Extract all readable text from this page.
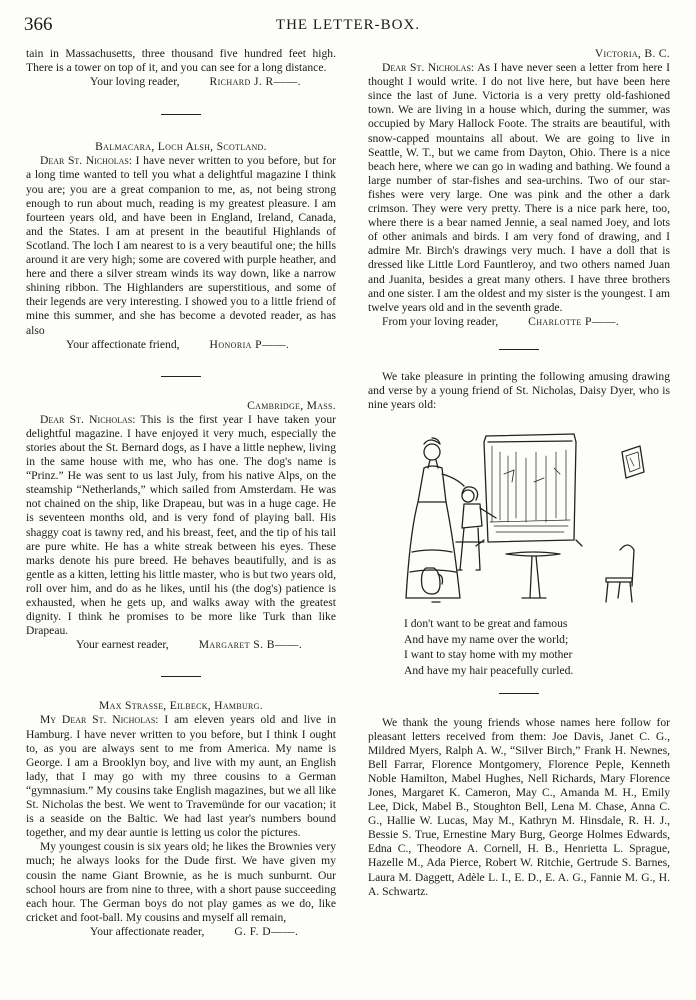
366	THE LETTER-BOX.

tain in Massachusetts, three thousand five hundred feet high. There is a tower on top of it, and you can see for a long distance.

Your loving reader,	Richard J. R——.

Balmacara, Loch Alsh, Scotland.

Dear St. Nicholas: I have never written to you before, but for a long time wanted to tell you what a delightful magazine I think you are; you are a great companion to me, as, not being strong enough to run about much, reading is my greatest pleasure. I am fourteen years old, and have been in England, Ireland, Canada, and the States. I am at present in the beautiful Highlands of Scotland. The loch I am nearest to is a very beautiful one; the hills around it are very high; some are covered with purple heather, and here and there a silver stream winds its way down, like a narrow shining ribbon. The Highlanders are superstitious, and some of their legends are very interesting. I showed you to a little friend of mine this summer, and she has become a devoted reader, as has also

Your affectionate friend,	Honoria P——.

Cambridge, Mass.

Dear St. Nicholas: This is the first year I have taken your delightful magazine. I have enjoyed it very much, especially the stories about the St. Bernard dogs, as I have a little nephew, living in the same house with me, who has one. The dog's name is “Prinz.” He was sent to us last July, from his native Alps, on the steamship “Netherlands,” which sailed from Amsterdam. He was not chained on the ship, like Drapeau, but was in a huge cage. He is seventeen months old, and is very fond of playing ball. His shaggy coat is tawny red, and his breast, feet, and the tip of his tail are pure white. He has a white streak between his eyes. These marks denote his pure breed. He behaves beautifully, and is as gentle as a kitten, letting his little master, who is but two years old, roll over him, and do as he likes, until his (the dog's) patience is exhausted, when he gets up, and walks away with the greatest dignity. I think he promises to be more like Turk than like Drapeau.

Your earnest reader,	Margaret S. B——.

Max Strasse, Eilbeck, Hamburg.

My Dear St. Nicholas: I am eleven years old and live in Hamburg. I have never written to you before, but I think I ought to, as you are always sent to me from America. My name is George. I am a Brooklyn boy, and live with my aunt, an English lady, that I may go with my three cousins to a German “gymnasium.” My cousins take English magazines, but we all like St. Nicholas the best. We went to Travemünde for our vacation; it is a seaside on the Baltic. We had last year's numbers bound together, and my dear auntie is letting us color the pictures.

My youngest cousin is six years old; he likes the Brownies very much; he always looks for the Dude first. We have given my cousin the name Giant Brownie, as he is much sunburnt. Our school hours are from nine to three, with a short pause succeeding each hour. The German boys do not play games as we do, like cricket and foot-ball. My cousins and myself all remain,

Your affectionate reader,	G. F. D——.

Victoria, B. C.

Dear St. Nicholas: As I have never seen a letter from here I thought I would write. I do not live here, but have been here since the last of June. Victoria is a very pretty old-fashioned town. We are living in a house which, during the summer, was occupied by Mary Hallock Foote. The straits are beautiful, with snow-capped mountains all about. We are going to live in Seattle, W. T., but we came from Dayton, Ohio. There is a nice beach here, where we can go in wading and bathing. We found a large number of star-fishes and sea-urchins. Two of our star-fishes were very large. One was pink and the other a dark crimson. They were very pretty. There is a nice park here, too, where there is a bear named Jennie, a seal named Joey, and lots of other animals and birds. I am very fond of drawing, and I admire Mr. Birch's drawings very much. I have a doll that is dressed like Little Lord Fauntleroy, and two others named Juan and Juanita, besides a great many others. I have three brothers and one sister. I am the oldest and my sister is the youngest. I am twelve years old and in the seventh grade.

From your loving reader,	Charlotte P——.

We take pleasure in printing the following amusing drawing and verse by a young friend of St. Nicholas, Daisy Dyer, who is nine years old:

I don't want to be great and famous

And have my name over the world;

I want to stay home with my mother

And have my hair peacefully curled.

We thank the young friends whose names here follow for pleasant letters received from them: Joe Davis, Janet C. G., Mildred Myers, Ralph A. W., “Silver Birch,” Frank H. Newnes, Bell Farrar, Florence Montgomery, Florence Peple, Kenneth Noble Hamilton, Mabel Hughes, Nell Richards, Mary Florence Jones, Margaret K. Cameron, May C., Amanda M. H., Emily Lee, Dick, Mabel B., Stoughton Bell, Lena M. Chase, Anna C. G., Hallie W. Lucas, May M., Kathryn M. Hinsdale, R. H. J., Bessie S. True, Ernestine Mary Burg, George Holmes Edwards, Edna C., Theodore A. Cornell, H. B., Henrietta L. Sprague, Hazelle M., Ada Pierce, Robert W. Ritchie, Gertrude S. Barnes, Laura M. Daggett, Adèle L. I., E. D., E. A. G., Fannie M. G., H. A. Schwartz.
